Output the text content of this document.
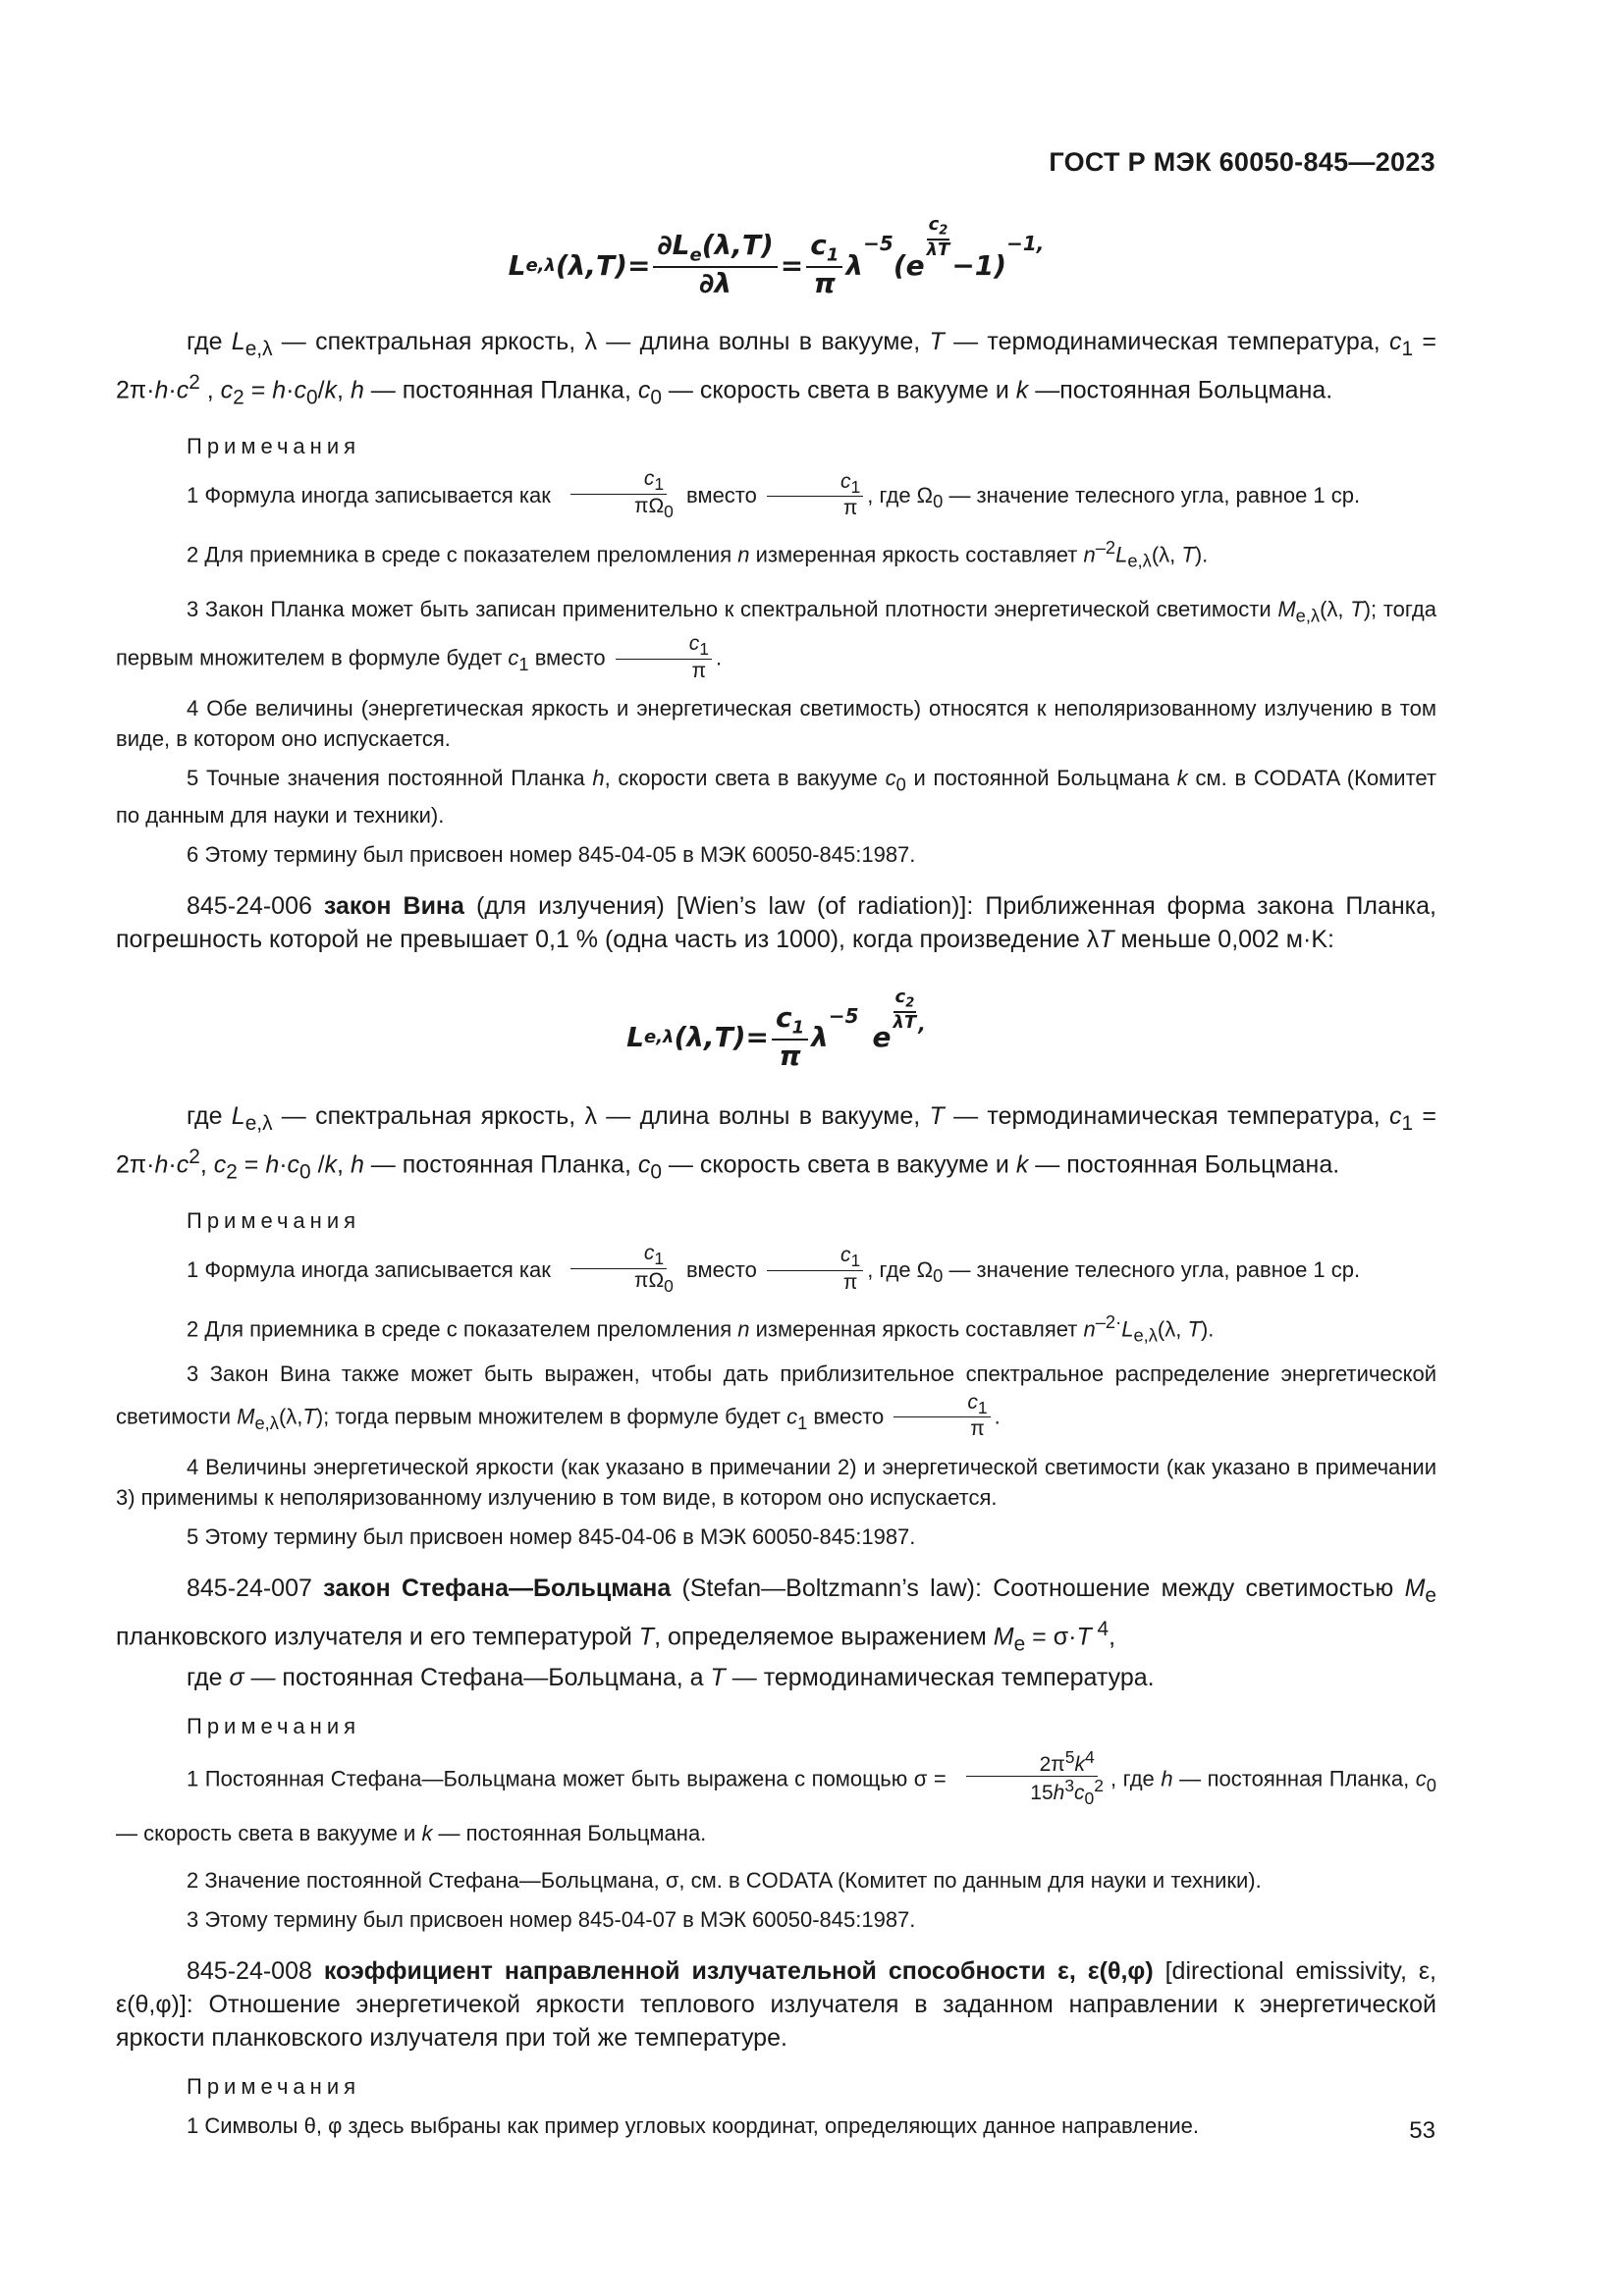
ГОСТ Р МЭК 60050-845—2023
L e,λ $(\lambda,T) = \frac{\partial L_e(\lambda,T)}{\partial\lambda} = \frac{c_1}{\pi}$ λ
−5
(e
$\frac{c_2}{\lambda T}$
−1)
−1 ,

где $L_{e,\lambda}$ — спектральная яркость, λ — длина волны в вакууме, T — термодинамическая температура, $c_1 = 2\pi\cdot h\cdot c^2$ , $c_2 = h\cdot c_0/k$, h — постоянная Планка, $c_0$ — скорость света в вакууме и k —постоянная Больцмана.

Примечания

1 Формула иногда записывается как $\frac{c_1}{\pi\Omega_0}$ вместо $\frac{c_1}{\pi}$ , где $\Omega_0$ — значение телесного угла, равное 1 ср.

2 Для приемника в среде с показателем преломления n измеренная яркость составляет $n^{-2}L_{e,\lambda}(\lambda$, T).

3 Закон Планка может быть записан применительно к спектральной плотности энергетической светимости $M_{e,\lambda}(\lambda$, T); тогда первым множителем в формуле будет $c_1$ вместо $\frac{c_1}{\pi}$ .

4 Обе величины (энергетическая яркость и энергетическая светимость) относятся к неполяризованному излучению в том виде, в котором оно испускается.

5 Точные значения постоянной Планка h, скорости света в вакууме $c_0$ и постоянной Больцмана k см. в CODATA (Комитет по данным для науки и техники).

6 Этому термину был присвоен номер 845-04-05 в МЭК 60050-845:1987.

845-24-006 закон Вина (для излучения) [Wien’s law (of radiation)]: Приближенная форма закона Планка, погрешность которой не превышает 0,1 % (одна часть из 1000), когда произведение λT меньше 0,002 м·K:

L e,λ $(\lambda,T) = \frac{c_1}{\pi}$ λ
−5
e
$\frac{c_2}{\lambda T}$ ,

где $L_{e,\lambda}$ — спектральная яркость, λ — длина волны в вакууме, T — термодинамическая температура, $c_1 = 2\pi\cdot h\cdot c^2$, $c_2 = h\cdot c_0$ /k, h — постоянная Планка, $c_0$ — скорость света в вакууме и k — постоянная Больцмана.

Примечания

1 Формула иногда записывается как $\frac{c_1}{\pi\Omega_0}$ вместо $\frac{c_1}{\pi}$ , где $\Omega_0$ — значение телесного угла, равное 1 ср.

2 Для приемника в среде с показателем преломления n измеренная яркость составляет $n^{-2\cdot}L_{e,\lambda}(\lambda$, T).

3 Закон Вина также может быть выражен, чтобы дать приблизительное спектральное распределение энергетической светимости $M_{e,\lambda}(\lambda,T)$; тогда первым множителем в формуле будет $c_1$ вместо $\frac{c_1}{\pi}$ .

4 Величины энергетической яркости (как указано в примечании 2) и энергетической светимости (как указано в примечании 3) применимы к неполяризованному излучению в том виде, в котором оно испускается.

5 Этому термину был присвоен номер 845-04-06 в МЭК 60050-845:1987.

845-24-007 закон Стефана—Больцмана (Stefan—Boltzmann’s law): Соотношение между светимостью $M_e$ планковского излучателя и его температурой T, определяемое выражением $M_e = \sigma\cdot T$ $^4$,

где σ — постоянная Стефана—Больцмана, а T — термодинамическая температура.

Примечания

1 Постоянная Стефана—Больцмана может быть выражена с помощью $\sigma = \frac{2\pi^5k^4}{15h^3c_0^2}$ , где h — постоянная Планка, $c_0$ — скорость света в вакууме и k — постоянная Больцмана.

2 Значение постоянной Стефана—Больцмана, σ, см. в CODATA (Комитет по данным для науки и техники).

3 Этому термину был присвоен номер 845-04-07 в МЭК 60050-845:1987.

845-24-008 коэффициент направленной излучательной способности ε, ε(θ,φ) [directional emissivity, ε, ε(θ,φ)]: Отношение энергетичекой яркости теплового излучателя в заданном направлении к энергетической яркости планковского излучателя при той же температуре.

Примечания

1 Символы θ, φ здесь выбраны как пример угловых координат, определяющих данное направление.	53
